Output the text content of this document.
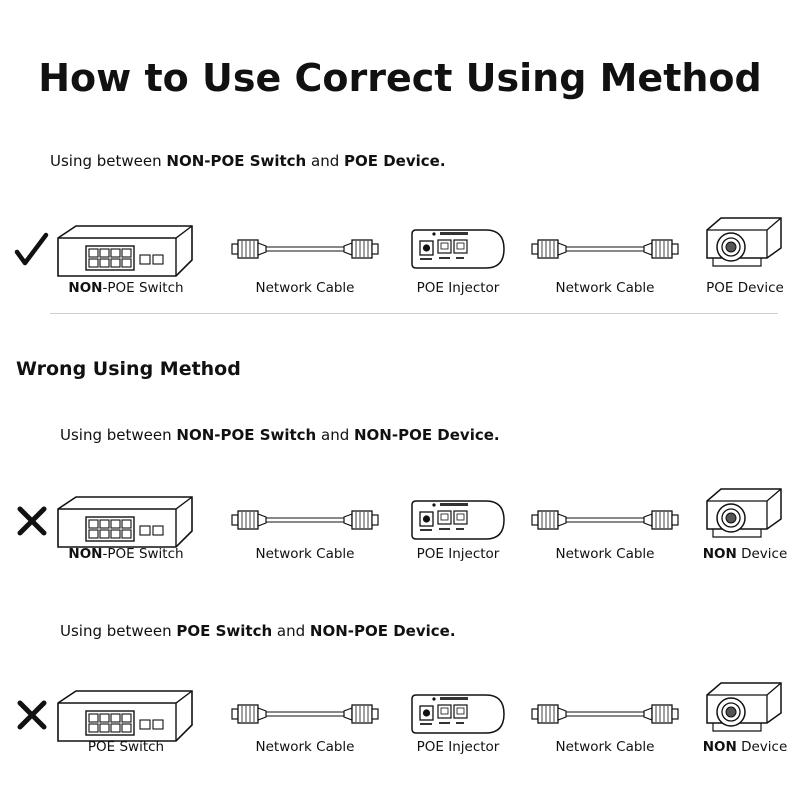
How to Use Correct Using Method
Using between NON-POE Switch and POE Device.
Wrong Using Method
Using between NON-POE Switch and NON-POE Device.
Using between POE Switch and NON-POE Device.
NON-POE Switch	Network Cable	POE Injector	Network Cable	POE Device
NON-POE Switch	Network Cable	POE Injector	Network Cable	NON Device
POE Switch	Network Cable	POE Injector	Network Cable	NON Device
